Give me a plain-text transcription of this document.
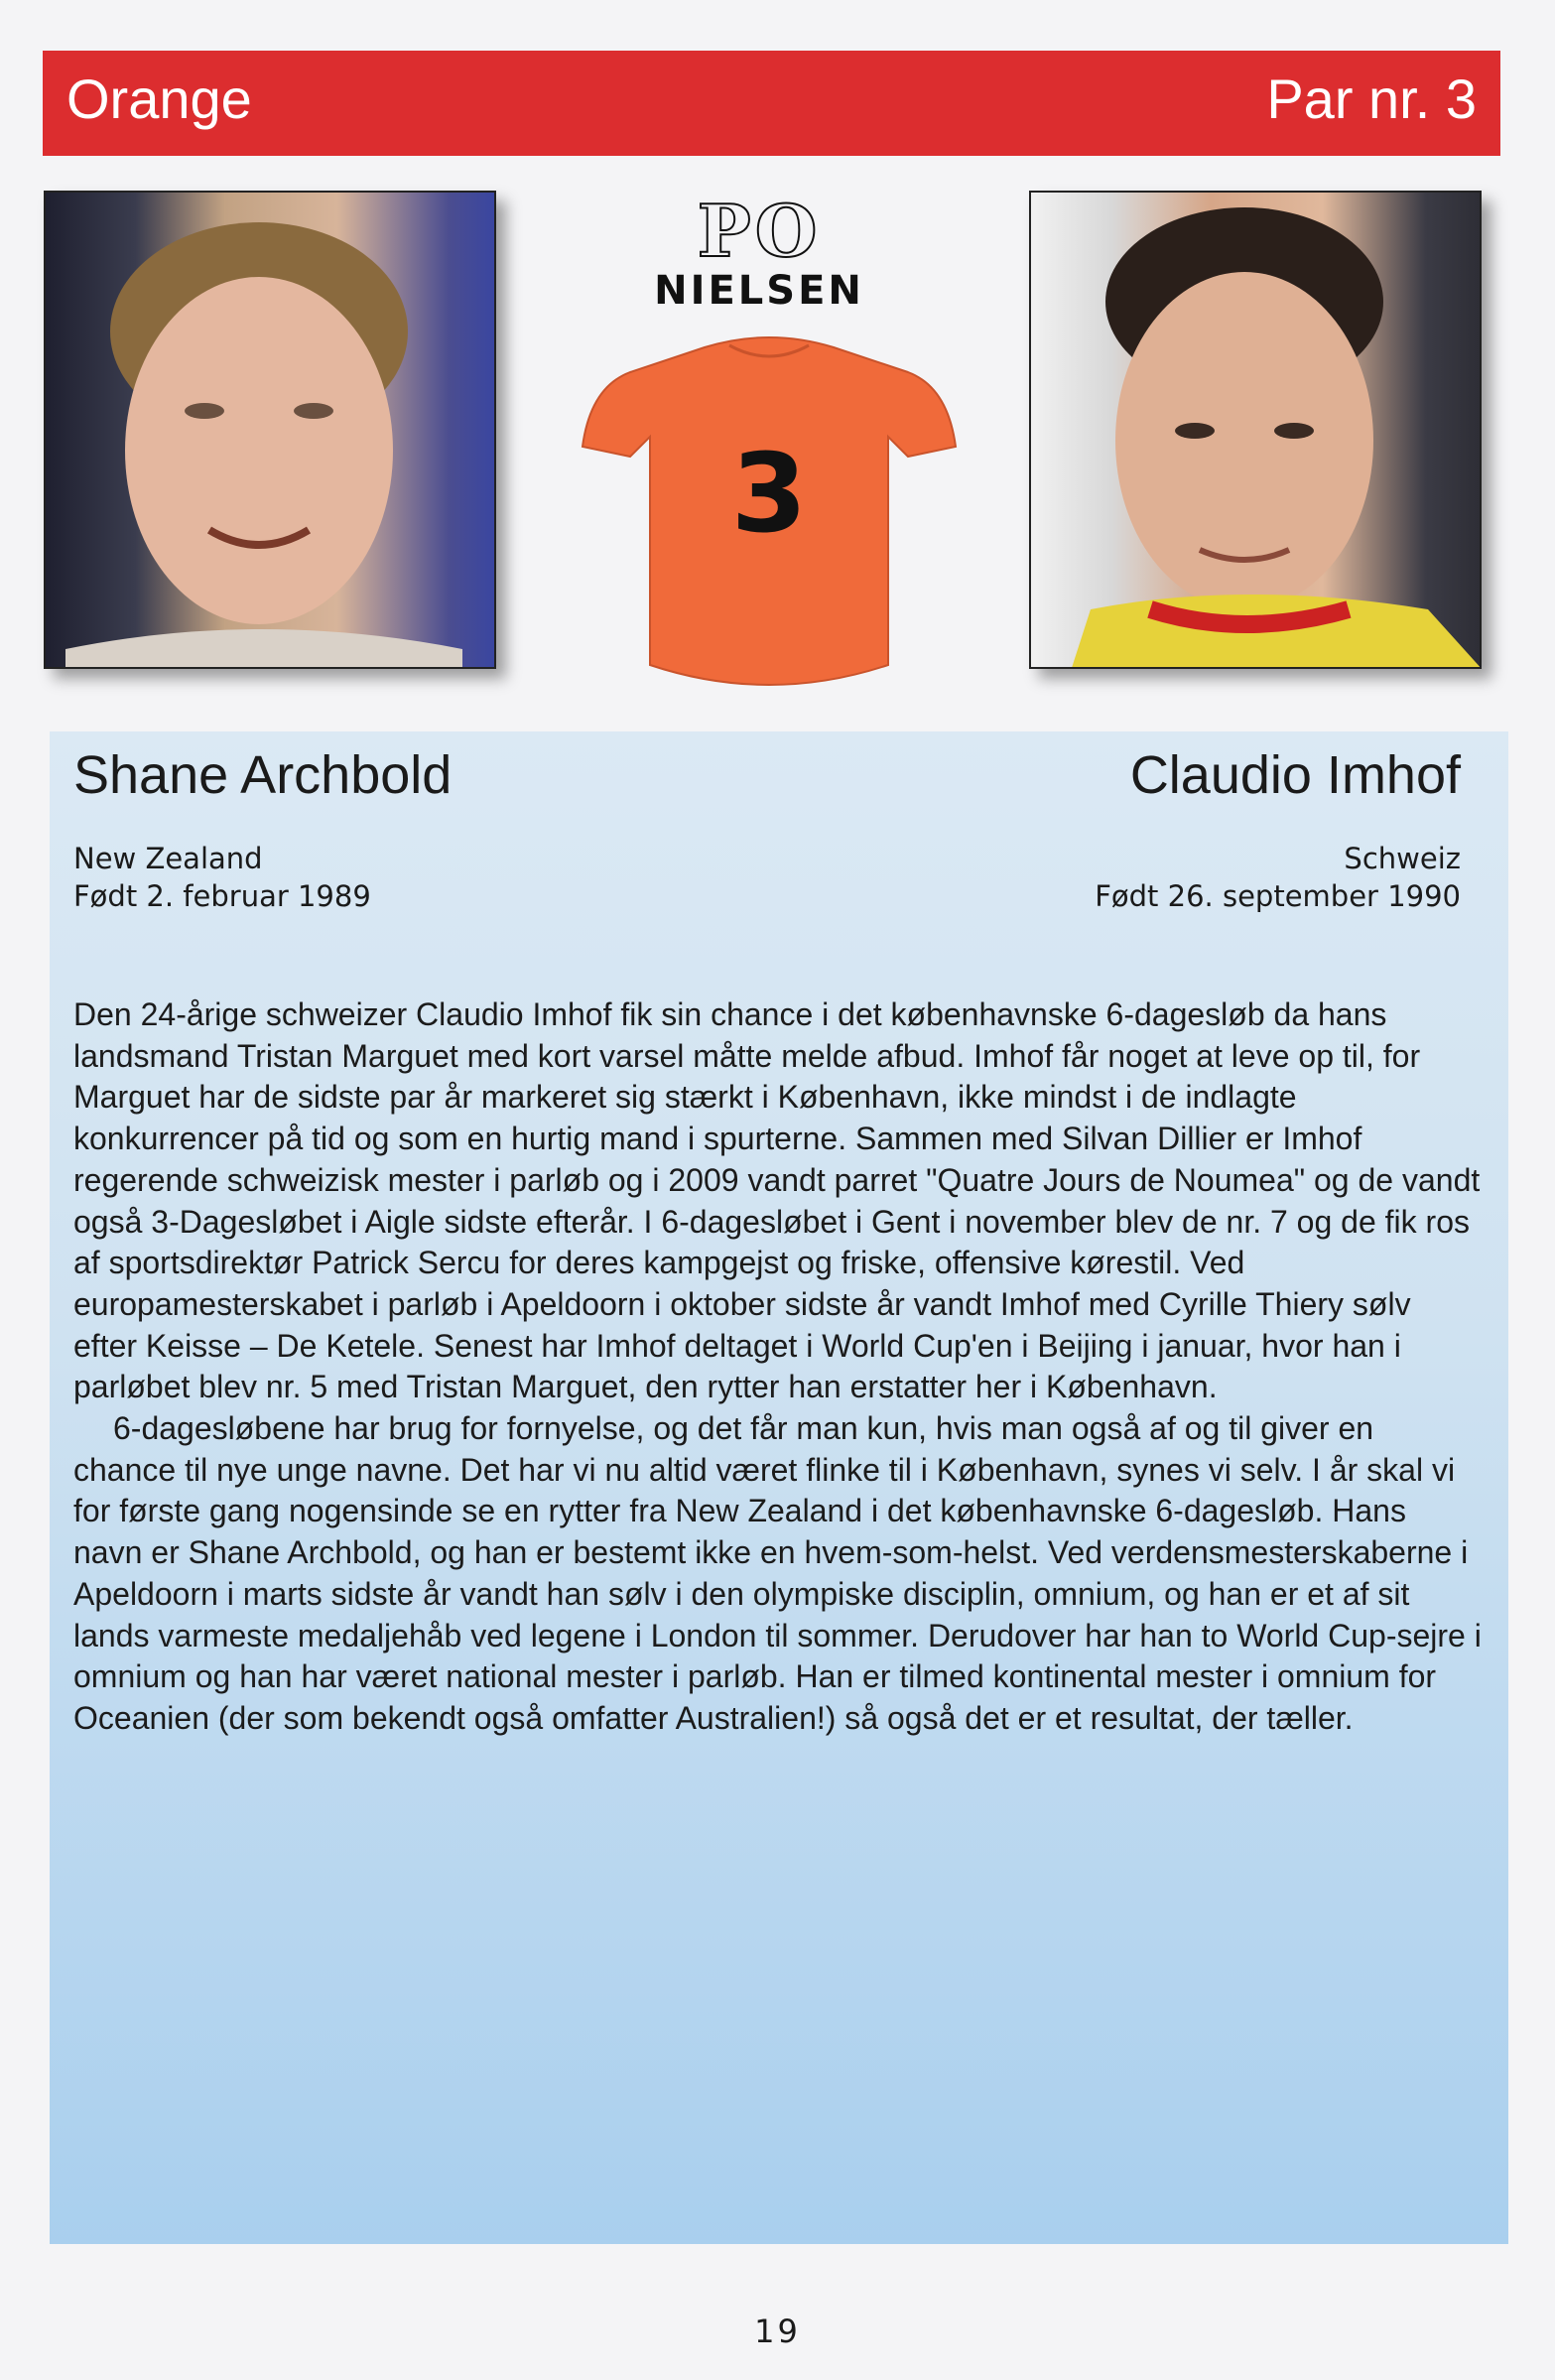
Orange	Par nr. 3
PO
NIELSEN
3
Shane Archbold	Claudio Imhof
New Zealand
Født 2. februar 1989
Schweiz
Født 26. september 1990

Den 24-årige schweizer Claudio Imhof fik sin chance i det københavnske 6-dagesløb da hans landsmand Tristan Marguet med kort varsel måtte melde afbud. Imhof får noget at leve op til, for Marguet har de sidste par år markeret sig stærkt i København, ikke mindst i de indlagte konkurrencer på tid og som en hurtig mand i spurterne. Sammen med Silvan Dillier er Imhof regerende schweizisk mester i parløb og i 2009 vandt parret "Quatre Jours de Noumea" og de vandt også 3-Dagesløbet i Aigle sidste efterår. I 6-dagesløbet i Gent i november blev de nr. 7 og de fik ros af sportsdirektør Patrick Sercu for deres kampgejst og friske, offensive kørestil. Ved europamesterskabet i parløb i Apeldoorn i oktober sidste år vandt Imhof med Cyrille Thiery sølv efter Keisse – De Ketele. Senest har Imhof deltaget i World Cup'en i Beijing i januar, hvor han i parløbet blev nr. 5 med Tristan Marguet, den rytter han erstatter her i København.

6-dagesløbene har brug for fornyelse, og det får man kun, hvis man også af og til giver en chance til nye unge navne. Det har vi nu altid været flinke til i København, synes vi selv. I år skal vi for første gang nogensinde se en rytter fra New Zealand i det københavnske 6-dagesløb. Hans navn er Shane Archbold, og han er bestemt ikke en hvem-som-helst. Ved verdensmesterskaberne i Apeldoorn i marts sidste år vandt han sølv i den olympiske disciplin, omnium, og han er et af sit lands varmeste medaljehåb ved legene i London til sommer. Derudover har han to World Cup-sejre i omnium og han har været national mester i parløb. Han er tilmed kontinental mester i omnium for Oceanien (der som bekendt også omfatter Australien!) så også det er et resultat, der tæller.

19
